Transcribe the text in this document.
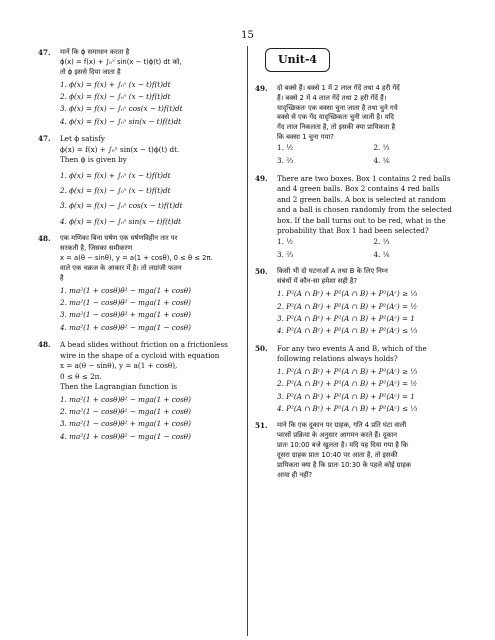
15
47.	मानें कि ϕ समाधान करता है
ϕ(x) = f(x) + ∫₀ˣ sin(x − t)ϕ(t) dt को,
तो ϕ इससे दिया जाता है
1. ϕ(x) = f(x) + ∫₀ˣ (x − t)f(t)dt
2. ϕ(x) = f(x) − ∫₀ˣ (x − t)f(t)dt
3. ϕ(x) = f(x) − ∫₀ˣ cos(x − t)f(t)dt
4. ϕ(x) = f(x) − ∫₀ˣ sin(x − t)f(t)dt
47.	Let ϕ satisfy
ϕ(x) = f(x) + ∫₀ˣ sin(x − t)ϕ(t) dt.
Then ϕ is given by
1. ϕ(x) = f(x) + ∫₀ˣ (x − t)f(t)dt
2. ϕ(x) = f(x) − ∫₀ˣ (x − t)f(t)dt
3. ϕ(x) = f(x) − ∫₀ˣ cos(x − t)f(t)dt
4. ϕ(x) = f(x) − ∫₀ˣ sin(x − t)f(t)dt
48.	एक मणिका बिना घर्षण एक घर्षणविहीन तार पर
सरकती है, जिसका समीकरण
x = a(θ − sinθ), y = a(1 + cosθ), 0 ≤ θ ≤ 2π.
वाले एक चक्रज के आकार में है। तो लग्रांजी फलन
है
1. ma²(1 + cosθ)θ̇² − mga(1 + cosθ)
2. ma²(1 − cosθ)θ̇² − mga(1 + cosθ)
3. ma²(1 − cosθ)θ̇² + mga(1 + cosθ)
4. ma²(1 + cosθ)θ̇² − mga(1 − cosθ)
48.	A bead slides without friction on a frictionless
wire in the shape of a cycloid with equation
x = a(θ − sinθ), y = a(1 + cosθ),
0 ≤ θ ≤ 2π.
Then the Lagrangian function is
1. ma²(1 + cosθ)θ̇² − mga(1 + cosθ)
2. ma²(1 − cosθ)θ̇² − mga(1 + cosθ)
3. ma²(1 − cosθ)θ̇² + mga(1 + cosθ)
4. ma²(1 + cosθ)θ̇² − mga(1 − cosθ)
Unit-4
49.	दो बक्से हैं। बक्से 1 में 2 लाल गेंदें तथा 4 हरी गेंदें
हैं। बक्से 2 में 4 लाल गेंदें तथा 2 हरी गेंदें हैं।
यादृच्छिकतः एक बक्सा चुना जाता है तथा चुने गये
बक्से से एक गेंद यादृच्छिकतः चुनी जाती है। यदि
गेंद लाल निकलता है, तो इसकी क्या प्रायिकता है
कि बक्सा 1 चुना गया?
1. ½	2. ⅓
3. ⅔	4. ⅙
49.	There are two boxes. Box 1 contains 2 red balls
and 4 green balls. Box 2 contains 4 red balls
and 2 green balls. A box is selected at random
and a ball is chosen randomly from the selected
box. If the ball turns out to be red, what is the
probability that Box 1 had been selected?
1. ½	2. ⅓
3. ⅔	4. ⅙
50.	किसी भी दो घटनाओं A तथा B के लिए निम्न
संबंधों में कौन-सा हमेशा सही है?
1. P²(A ∩ Bᶜ) + P²(A ∩ B) + P²(Aᶜ) ≥ ⅓
2. P²(A ∩ Bᶜ) + P²(A ∩ B) + P²(Aᶜ) = ½
3. P²(A ∩ Bᶜ) + P²(A ∩ B) + P²(Aᶜ) = 1
4. P²(A ∩ Bᶜ) + P²(A ∩ B) + P²(Aᶜ) ≤ ⅓
50.	For any two events A and B, which of the
following relations always holds?
1. P²(A ∩ Bᶜ) + P²(A ∩ B) + P²(Aᶜ) ≥ ⅓
2. P²(A ∩ Bᶜ) + P²(A ∩ B) + P²(Aᶜ) = ½
3. P²(A ∩ Bᶜ) + P²(A ∩ B) + P²(Aᶜ) = 1
4. P²(A ∩ Bᶜ) + P²(A ∩ B) + P²(Aᶜ) ≤ ⅓
51.	माने कि एक दूकान पर ग्राहक, गति 4 प्रति घंटा वाली
प्वासों प्रक्रिया के अनुसार आगमन करते हैं। दूकान
प्रातः 10:00 बजे खुलता है। यदि यह दिया गया है कि
दूसरा ग्राहक प्रातः 10:40 पर आता है, तो इसकी
प्रायिकता क्या है कि प्रातः 10:30 के पहले कोई ग्राहक
आया ही नहीं?
